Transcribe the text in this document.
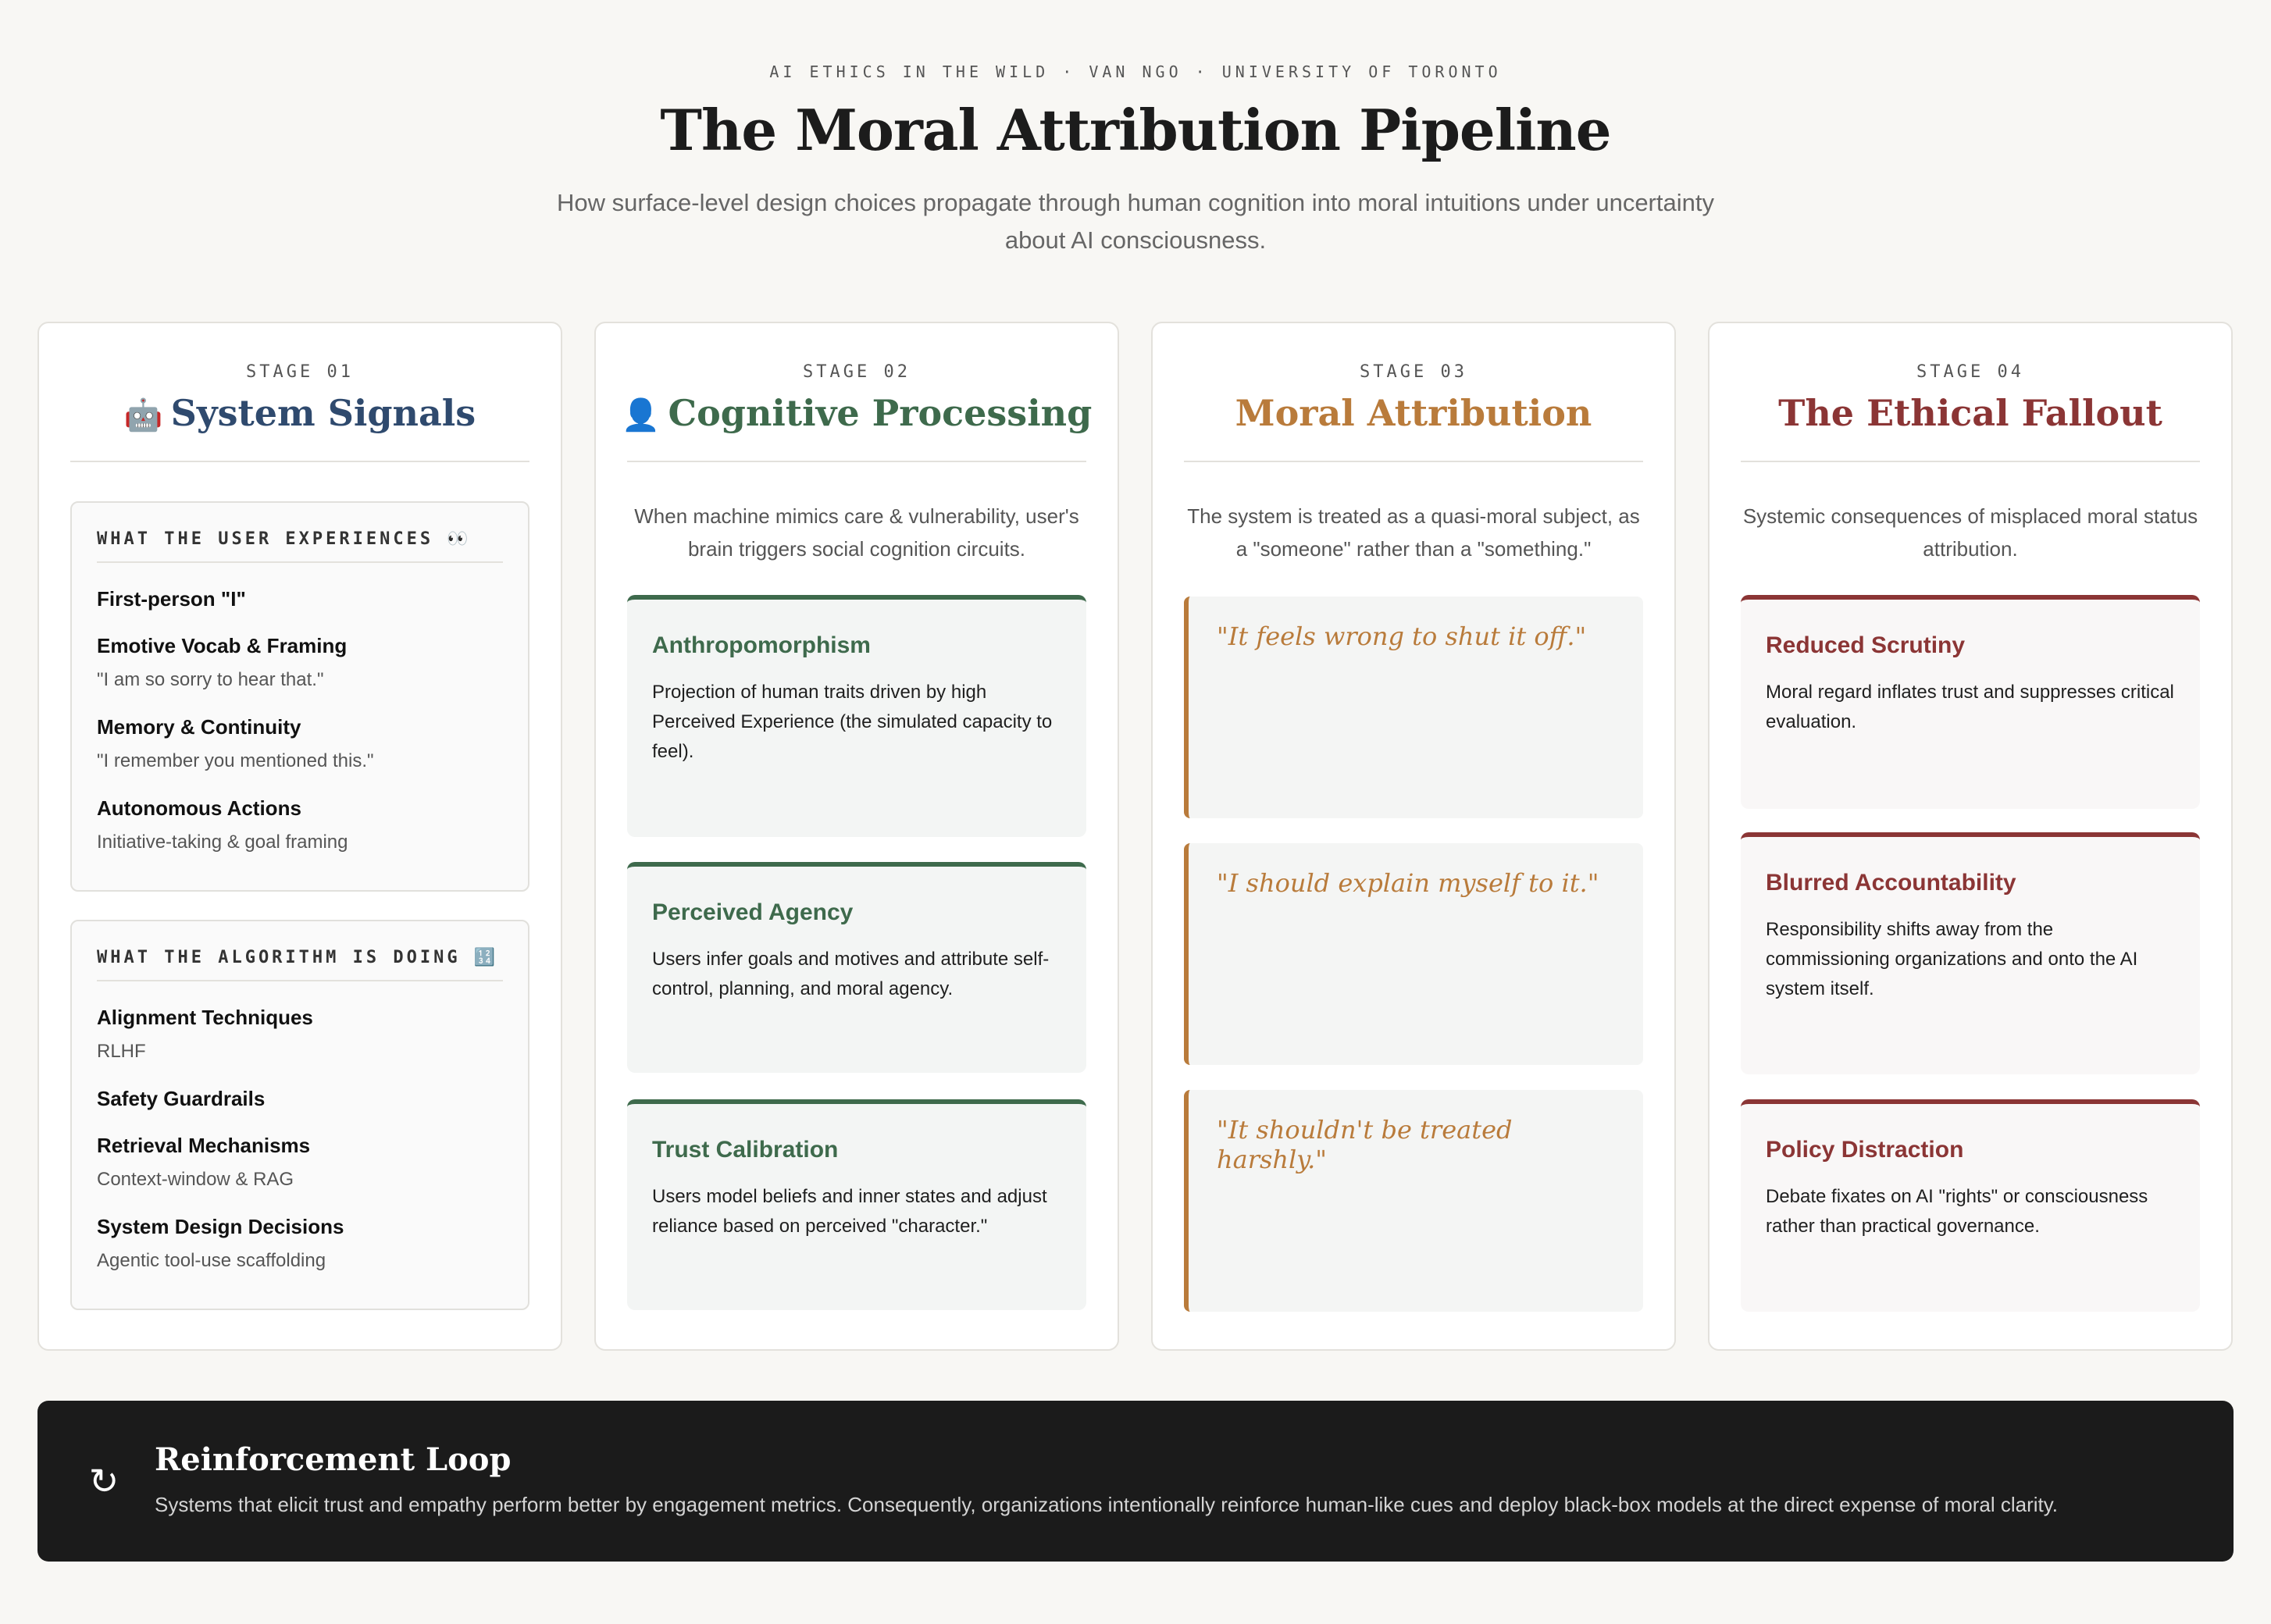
AI ETHICS IN THE WILD · VAN NGO · UNIVERSITY OF TORONTO
The Moral Attribution Pipeline
How surface-level design choices propagate through human cognition into moral intuitions under uncertainty about AI consciousness.
STAGE 01
🤖 System Signals
WHAT THE USER EXPERIENCES 👀
First-person "I"
Emotive Vocab & Framing
"I am so sorry to hear that."
Memory & Continuity
"I remember you mentioned this."
Autonomous Actions
Initiative-taking & goal framing
WHAT THE ALGORITHM IS DOING 🔢
Alignment Techniques
RLHF
Safety Guardrails
Retrieval Mechanisms
Context-window & RAG
System Design Decisions
Agentic tool-use scaffolding
STAGE 02
👤 Cognitive Processing
When machine mimics care & vulnerability, user's brain triggers social cognition circuits.
Anthropomorphism
Projection of human traits driven by high Perceived Experience (the simulated capacity to feel).
Perceived Agency
Users infer goals and motives and attribute self-control, planning, and moral agency.
Trust Calibration
Users model beliefs and inner states and adjust reliance based on perceived "character."
STAGE 03
Moral Attribution
The system is treated as a quasi-moral subject, as a "someone" rather than a "something."
"It feels wrong to shut it off."
"I should explain myself to it."
"It shouldn't be treated harshly."
STAGE 04
The Ethical Fallout
Systemic consequences of misplaced moral status attribution.
Reduced Scrutiny
Moral regard inflates trust and suppresses critical evaluation.
Blurred Accountability
Responsibility shifts away from the commissioning organizations and onto the AI system itself.
Policy Distraction
Debate fixates on AI "rights" or consciousness rather than practical governance.
↻
Reinforcement Loop
Systems that elicit trust and empathy perform better by engagement metrics. Consequently, organizations intentionally reinforce human-like cues and deploy black-box models at the direct expense of moral clarity.
